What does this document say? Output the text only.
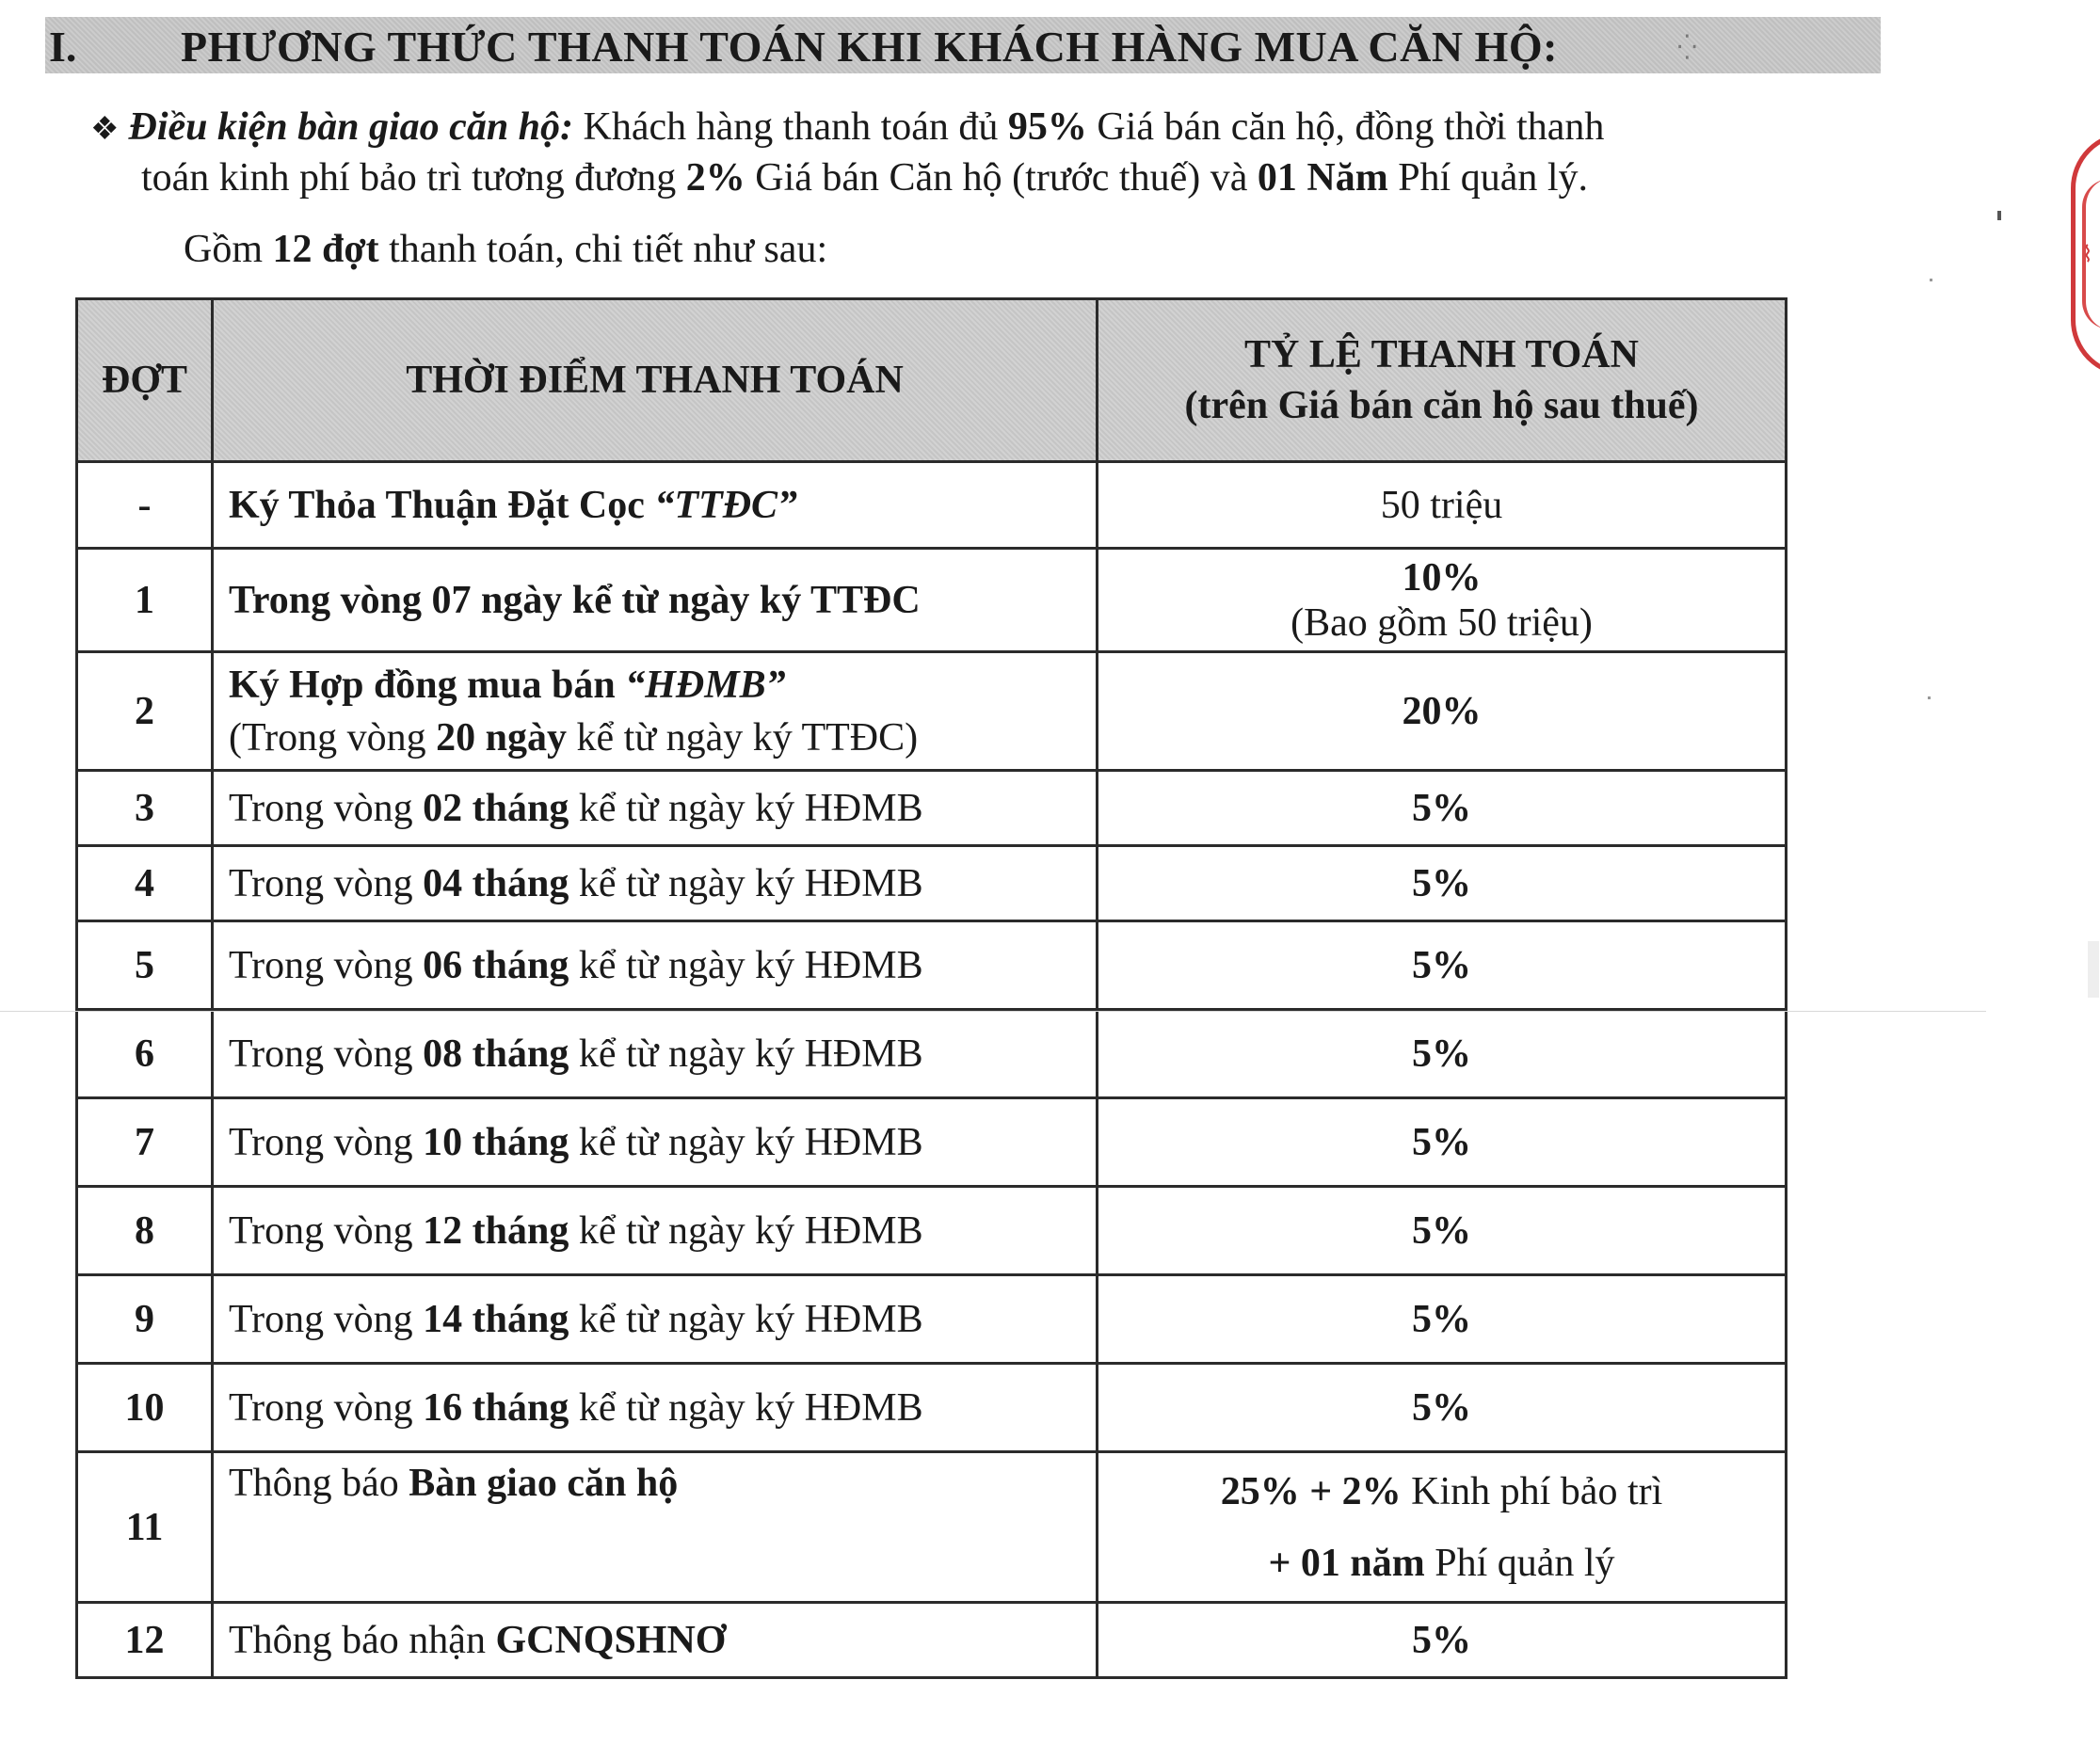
I. PHƯƠNG THỨC THANH TOÁN KHI KHÁCH HÀNG MUA CĂN HỘ:	⁛
❖ Điều kiện bàn giao căn hộ: Khách hàng thanh toán đủ 95% Giá bán căn hộ, đồng thời thanh
toán kinh phí bảo trì tương đương 2% Giá bán Căn hộ (trước thuế) và 01 Năm Phí quản lý.
Gồm 12 đợt thanh toán, chi tiết như sau:
ĐỢT	THỜI ĐIỂM THANH TOÁN	TỶ LỆ THANH TOÁN
(trên Giá bán căn hộ sau thuế)

-	Ký Thỏa Thuận Đặt Cọc “TTĐC”	50 triệu
1	Trong vòng 07 ngày kể từ ngày ký TTĐC	10%
(Bao gồm 50 triệu)

2	Ký Hợp đồng mua bán “HĐMB”
(Trong vòng 20 ngày kể từ ngày ký TTĐC)	20%
3	Trong vòng 02 tháng kể từ ngày ký HĐMB	5%
4	Trong vòng 04 tháng kể từ ngày ký HĐMB	5%
5	Trong vòng 06 tháng kể từ ngày ký HĐMB	5%
6	Trong vòng 08 tháng kể từ ngày ký HĐMB	5%
7	Trong vòng 10 tháng kể từ ngày ký HĐMB	5%
8	Trong vòng 12 tháng kể từ ngày ký HĐMB	5%
9	Trong vòng 14 tháng kể từ ngày ký HĐMB	5%
10	Trong vòng 16 tháng kể từ ngày ký HĐMB	5%
11	Thông báo Bàn giao căn hộ	25% + 2% Kinh phí bảo trì
+ 01 năm Phí quản lý
12	Thông báo nhận GCNQSHNƠ	5%
⌇
